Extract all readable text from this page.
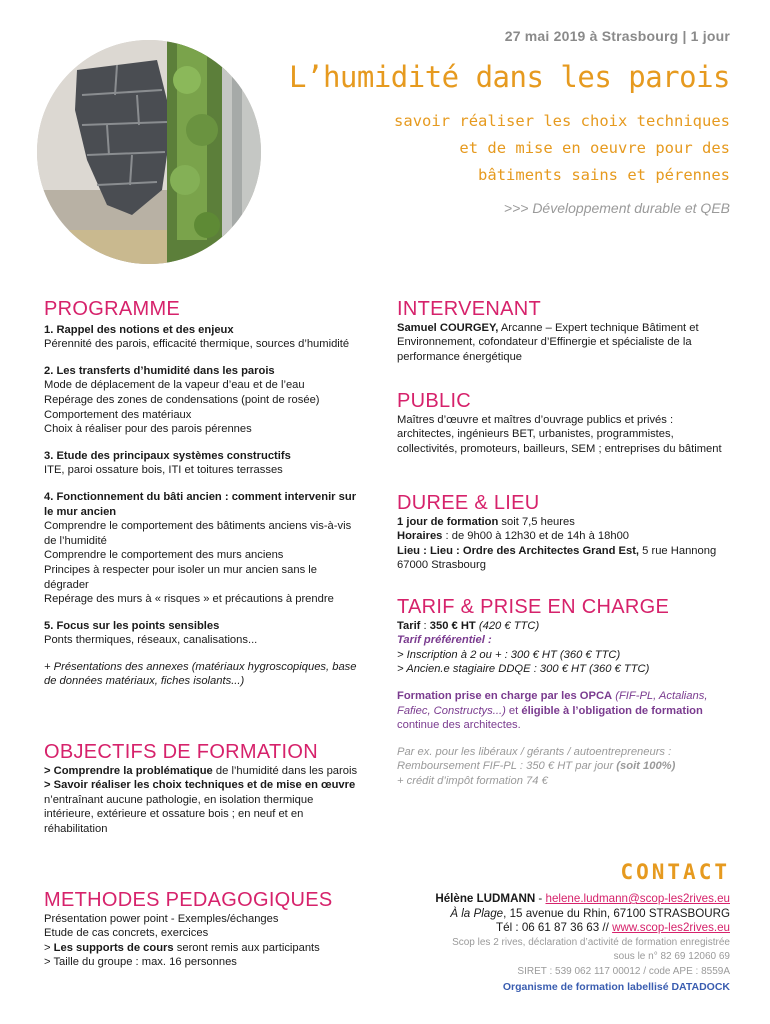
27 mai 2019 à Strasbourg | 1 jour
L’humidité dans les parois
savoir réaliser les choix techniques
et de mise en oeuvre pour des
bâtiments sains et pérennes
>>> Développement durable et QEB
PROGRAMME

1. Rappel des notions et des enjeux

Pérennité des parois, efficacité thermique, sources d’humidité

2. Les transferts d’humidité dans les parois

Mode de déplacement de la vapeur d’eau et de l’eau

Repérage des zones de condensations (point de rosée)

Comportement des matériaux

Choix à réaliser pour des parois pérennes

3. Etude des principaux systèmes constructifs

ITE, paroi ossature bois, ITI et toitures terrasses

4. Fonctionnement du bâti ancien : comment intervenir sur le mur ancien

Comprendre le comportement des bâtiments anciens vis-à-vis de l’humidité

Comprendre le comportement des murs anciens

Principes à respecter pour isoler un mur ancien sans le dégrader

Repérage des murs à « risques » et précautions à prendre

5. Focus sur les points sensibles

Ponts thermiques, réseaux, canalisations...

+ Présentations des annexes (matériaux hygroscopiques, base de données matériaux, fiches isolants...)

OBJECTIFS DE FORMATION

> Comprendre la problématique de l’humidité dans les parois

> Savoir réaliser les choix techniques et de mise en œuvre n’entraînant aucune pathologie, en isolation thermique intérieure, extérieure et ossature bois ; en neuf et en réhabilitation

METHODES PEDAGOGIQUES

Présentation power point - Exemples/échanges

Etude de cas concrets, exercices

> Les supports de cours seront remis aux participants

> Taille du groupe : max. 16 personnes

INTERVENANT

Samuel COURGEY, Arcanne – Expert technique Bâtiment et Environnement, cofondateur d’Effinergie et spécialiste de la performance énergétique

PUBLIC

Maîtres d’œuvre et maîtres d’ouvrage publics et privés : architectes, ingénieurs BET, urbanistes, programmistes, collectivités, promoteurs, bailleurs, SEM ; entreprises du bâtiment

DUREE & LIEU

1 jour de formation soit 7,5 heures

Horaires : de 9h00 à 12h30 et de 14h à 18h00

Lieu : Lieu : Ordre des Architectes Grand Est, 5 rue Hannong 67000 Strasbourg

TARIF & PRISE EN CHARGE

Tarif : 350 € HT (420 € TTC)

Tarif préférentiel :

> Inscription à 2 ou + : 300 € HT (360 € TTC)

> Ancien.e stagiaire DDQE : 300 € HT (360 € TTC)

Formation prise en charge par les OPCA (FIF-PL, Actalians, Fafiec, Constructys...) et éligible à l’obligation de formation continue des architectes.

Par ex. pour les libéraux / gérants / autoentrepreneurs :

Remboursement FIF-PL : 350 € HT par jour (soit 100%)

+ crédit d’impôt formation 74 €

CONTACT

Hélène LUDMANN - helene.ludmann@scop-les2rives.eu

À la Plage, 15 avenue du Rhin, 67100 STRASBOURG

Tél : 06 61 87 36 63 // www.scop-les2rives.eu

Scop les 2 rives, déclaration d’activité de formation enregistrée

sous le n° 82 69 12060 69

SIRET : 539 062 117 00012 / code APE : 8559A

Organisme de formation labellisé DATADOCK
